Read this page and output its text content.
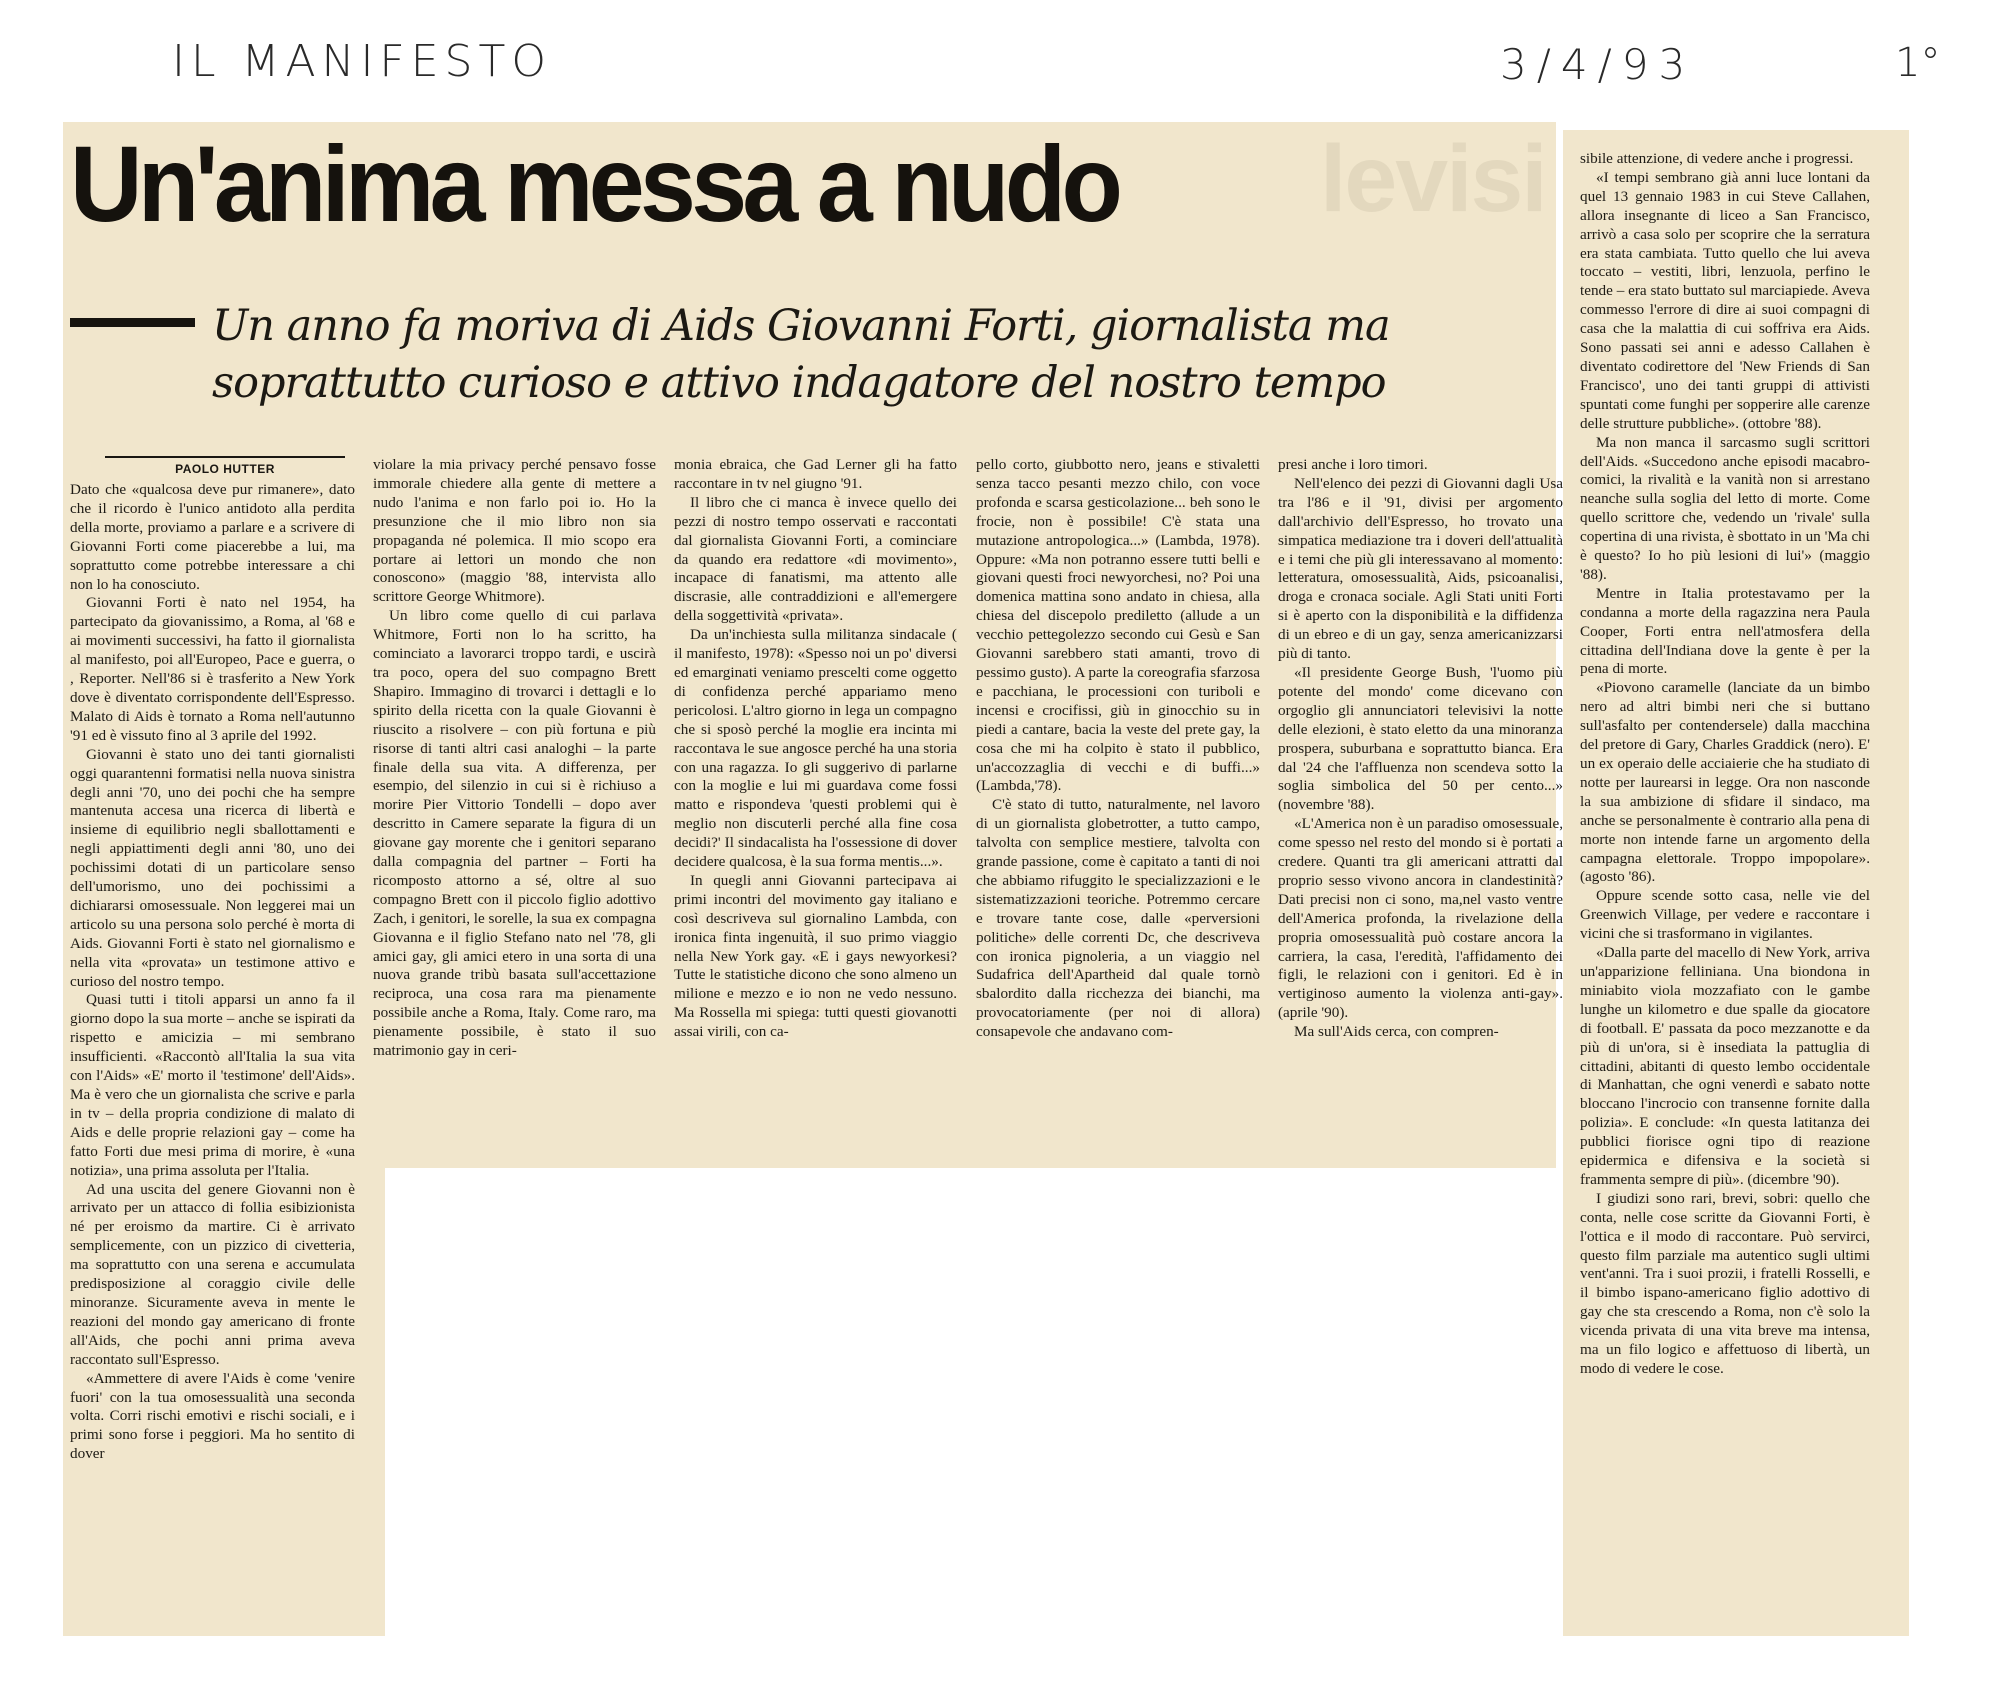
IL MANIFESTO	3/4/93	1°
levisi
Un'anima messa a nudo
Un anno fa moriva di Aids Giovanni Forti, giornalista ma soprattutto curioso e attivo indagatore del nostro tempo
PAOLO HUTTER

Dato che «qualcosa deve pur rimanere», dato che il ricordo è l'unico antidoto alla perdita della morte, proviamo a parlare e a scrivere di Giovanni Forti come piacerebbe a lui, ma soprattutto come potrebbe interessare a chi non lo ha conosciuto.

Giovanni Forti è nato nel 1954, ha partecipato da giovanissimo, a Roma, al '68 e ai movimenti successivi, ha fatto il giornalista al manifesto, poi all'Europeo, Pace e guerra, o , Reporter. Nell'86 si è trasferito a New York dove è diventato corrispondente dell'Espresso. Malato di Aids è tornato a Roma nell'autunno '91 ed è vissuto fino al 3 aprile del 1992.

Giovanni è stato uno dei tanti giornalisti oggi quarantenni formatisi nella nuova sinistra degli anni '70, uno dei pochi che ha sempre mantenuta accesa una ricerca di libertà e insieme di equilibrio negli sballottamenti e negli appiattimenti degli anni '80, uno dei pochissimi dotati di un particolare senso dell'umorismo, uno dei pochissimi a dichiararsi omosessuale. Non leggerei mai un articolo su una persona solo perché è morta di Aids. Giovanni Forti è stato nel giornalismo e nella vita «provata» un testimone attivo e curioso del nostro tempo.

Quasi tutti i titoli apparsi un anno fa il giorno dopo la sua morte – anche se ispirati da rispetto e amicizia – mi sembrano insufficienti. «Raccontò all'Italia la sua vita con l'Aids» «E' morto il 'testimone' dell'Aids». Ma è vero che un giornalista che scrive e parla in tv – della propria condizione di malato di Aids e delle proprie relazioni gay – come ha fatto Forti due mesi prima di morire, è «una notizia», una prima assoluta per l'Italia.

Ad una uscita del genere Giovanni non è arrivato per un attacco di follia esibizionista né per eroismo da martire. Ci è arrivato semplicemente, con un pizzico di civetteria, ma soprattutto con una serena e accumulata predisposizione al coraggio civile delle minoranze. Sicuramente aveva in mente le reazioni del mondo gay americano di fronte all'Aids, che pochi anni prima aveva raccontato sull'Espresso.

«Ammettere di avere l'Aids è come 'venire fuori' con la tua omosessualità una seconda volta. Corri rischi emotivi e rischi sociali, e i primi sono forse i peggiori. Ma ho sentito di dover

violare la mia privacy perché pensavo fosse immorale chiedere alla gente di mettere a nudo l'anima e non farlo poi io. Ho la presunzione che il mio libro non sia propaganda né polemica. Il mio scopo era portare ai lettori un mondo che non conoscono» (maggio '88, intervista allo scrittore George Whitmore).

Un libro come quello di cui parlava Whitmore, Forti non lo ha scritto, ha cominciato a lavorarci troppo tardi, e uscirà tra poco, opera del suo compagno Brett Shapiro. Immagino di trovarci i dettagli e lo spirito della ricetta con la quale Giovanni è riuscito a risolvere – con più fortuna e più risorse di tanti altri casi analoghi – la parte finale della sua vita. A differenza, per esempio, del silenzio in cui si è richiuso a morire Pier Vittorio Tondelli – dopo aver descritto in Camere separate la figura di un giovane gay morente che i genitori separano dalla compagnia del partner – Forti ha ricomposto attorno a sé, oltre al suo compagno Brett con il piccolo figlio adottivo Zach, i genitori, le sorelle, la sua ex compagna Giovanna e il figlio Stefano nato nel '78, gli amici gay, gli amici etero in una sorta di una nuova grande tribù basata sull'accettazione reciproca, una cosa rara ma pienamente possibile anche a Roma, Italy. Come raro, ma pienamente possibile, è stato il suo matrimonio gay in ceri-

monia ebraica, che Gad Lerner gli ha fatto raccontare in tv nel giugno '91.

Il libro che ci manca è invece quello dei pezzi di nostro tempo osservati e raccontati dal giornalista Giovanni Forti, a cominciare da quando era redattore «di movimento», incapace di fanatismi, ma attento alle discrasie, alle contraddizioni e all'emergere della soggettività «privata».

Da un'inchiesta sulla militanza sindacale ( il manifesto, 1978): «Spesso noi un po' diversi ed emarginati veniamo prescelti come oggetto di confidenza perché appariamo meno pericolosi. L'altro giorno in lega un compagno che si sposò perché la moglie era incinta mi raccontava le sue angosce perché ha una storia con una ragazza. Io gli suggerivo di parlarne con la moglie e lui mi guardava come fossi matto e rispondeva 'questi problemi qui è meglio non discuterli perché alla fine cosa decidi?' Il sindacalista ha l'ossessione di dover decidere qualcosa, è la sua forma mentis...».

In quegli anni Giovanni partecipava ai primi incontri del movimento gay italiano e così descriveva sul giornalino Lambda, con ironica finta ingenuità, il suo primo viaggio nella New York gay. «E i gays newyorkesi? Tutte le statistiche dicono che sono almeno un milione e mezzo e io non ne vedo nessuno. Ma Rossella mi spiega: tutti questi giovanotti assai virili, con ca-

pello corto, giubbotto nero, jeans e stivaletti senza tacco pesanti mezzo chilo, con voce profonda e scarsa gesticolazione... beh sono le frocie, non è possibile! C'è stata una mutazione antropologica...» (Lambda, 1978). Oppure: «Ma non potranno essere tutti belli e giovani questi froci newyorchesi, no? Poi una domenica mattina sono andato in chiesa, alla chiesa del discepolo prediletto (allude a un vecchio pettegolezzo secondo cui Gesù e San Giovanni sarebbero stati amanti, trovo di pessimo gusto). A parte la coreografia sfarzosa e pacchiana, le processioni con turiboli e incensi e crocifissi, giù in ginocchio su in piedi a cantare, bacia la veste del prete gay, la cosa che mi ha colpito è stato il pubblico, un'accozzaglia di vecchi e di buffi...» (Lambda,'78).

C'è stato di tutto, naturalmente, nel lavoro di un giornalista globetrotter, a tutto campo, talvolta con semplice mestiere, talvolta con grande passione, come è capitato a tanti di noi che abbiamo rifuggito le specializzazioni e le sistematizzazioni teoriche. Potremmo cercare e trovare tante cose, dalle «perversioni politiche» delle correnti Dc, che descriveva con ironica pignoleria, a un viaggio nel Sudafrica dell'Apartheid dal quale tornò sbalordito dalla ricchezza dei bianchi, ma provocatoriamente (per noi di allora) consapevole che andavano com-

presi anche i loro timori.

Nell'elenco dei pezzi di Giovanni dagli Usa tra l'86 e il '91, divisi per argomento dall'archivio dell'Espresso, ho trovato una simpatica mediazione tra i doveri dell'attualità e i temi che più gli interessavano al momento: letteratura, omosessualità, Aids, psicoanalisi, droga e cronaca sociale. Agli Stati uniti Forti si è aperto con la disponibilità e la diffidenza di un ebreo e di un gay, senza americanizzarsi più di tanto.

«Il presidente George Bush, 'l'uomo più potente del mondo' come dicevano con orgoglio gli annunciatori televisivi la notte delle elezioni, è stato eletto da una minoranza prospera, suburbana e soprattutto bianca. Era dal '24 che l'affluenza non scendeva sotto la soglia simbolica del 50 per cento...» (novembre '88).

«L'America non è un paradiso omosessuale, come spesso nel resto del mondo si è portati a credere. Quanti tra gli americani attratti dal proprio sesso vivono ancora in clandestinità? Dati precisi non ci sono, ma,nel vasto ventre dell'America profonda, la rivelazione della propria omosessualità può costare ancora la carriera, la casa, l'eredità, l'affidamento dei figli, le relazioni con i genitori. Ed è in vertiginoso aumento la violenza anti-gay». (aprile '90).

Ma sull'Aids cerca, con compren-

sibile attenzione, di vedere anche i progressi.

«I tempi sembrano già anni luce lontani da quel 13 gennaio 1983 in cui Steve Callahen, allora insegnante di liceo a San Francisco, arrivò a casa solo per scoprire che la serratura era stata cambiata. Tutto quello che lui aveva toccato – vestiti, libri, lenzuola, perfino le tende – era stato buttato sul marciapiede. Aveva commesso l'errore di dire ai suoi compagni di casa che la malattia di cui soffriva era Aids. Sono passati sei anni e adesso Callahen è diventato codirettore del 'New Friends di San Francisco', uno dei tanti gruppi di attivisti spuntati come funghi per sopperire alle carenze delle strutture pubbliche». (ottobre '88).

Ma non manca il sarcasmo sugli scrittori dell'Aids. «Succedono anche episodi macabro-comici, la rivalità e la vanità non si arrestano neanche sulla soglia del letto di morte. Come quello scrittore che, vedendo un 'rivale' sulla copertina di una rivista, è sbottato in un 'Ma chi è questo? Io ho più lesioni di lui'» (maggio '88).

Mentre in Italia protestavamo per la condanna a morte della ragazzina nera Paula Cooper, Forti entra nell'atmosfera della cittadina dell'Indiana dove la gente è per la pena di morte.

«Piovono caramelle (lanciate da un bimbo nero ad altri bimbi neri che si buttano sull'asfalto per contendersele) dalla macchina del pretore di Gary, Charles Graddick (nero). E' un ex operaio delle acciaierie che ha studiato di notte per laurearsi in legge. Ora non nasconde la sua ambizione di sfidare il sindaco, ma anche se personalmente è contrario alla pena di morte non intende farne un argomento della campagna elettorale. Troppo impopolare». (agosto '86).

Oppure scende sotto casa, nelle vie del Greenwich Village, per vedere e raccontare i vicini che si trasformano in vigilantes.

«Dalla parte del macello di New York, arriva un'apparizione felliniana. Una biondona in miniabito viola mozzafiato con le gambe lunghe un kilometro e due spalle da giocatore di football. E' passata da poco mezzanotte e da più di un'ora, si è insediata la pattuglia di cittadini, abitanti di questo lembo occidentale di Manhattan, che ogni venerdì e sabato notte bloccano l'incrocio con transenne fornite dalla polizia». E conclude: «In questa latitanza dei pubblici fiorisce ogni tipo di reazione epidermica e difensiva e la società si frammenta sempre di più». (dicembre '90).

I giudizi sono rari, brevi, sobri: quello che conta, nelle cose scritte da Giovanni Forti, è l'ottica e il modo di raccontare. Può servirci, questo film parziale ma autentico sugli ultimi vent'anni. Tra i suoi prozii, i fratelli Rosselli, e il bimbo ispano-americano figlio adottivo di gay che sta crescendo a Roma, non c'è solo la vicenda privata di una vita breve ma intensa, ma un filo logico e affettuoso di libertà, un modo di vedere le cose.
